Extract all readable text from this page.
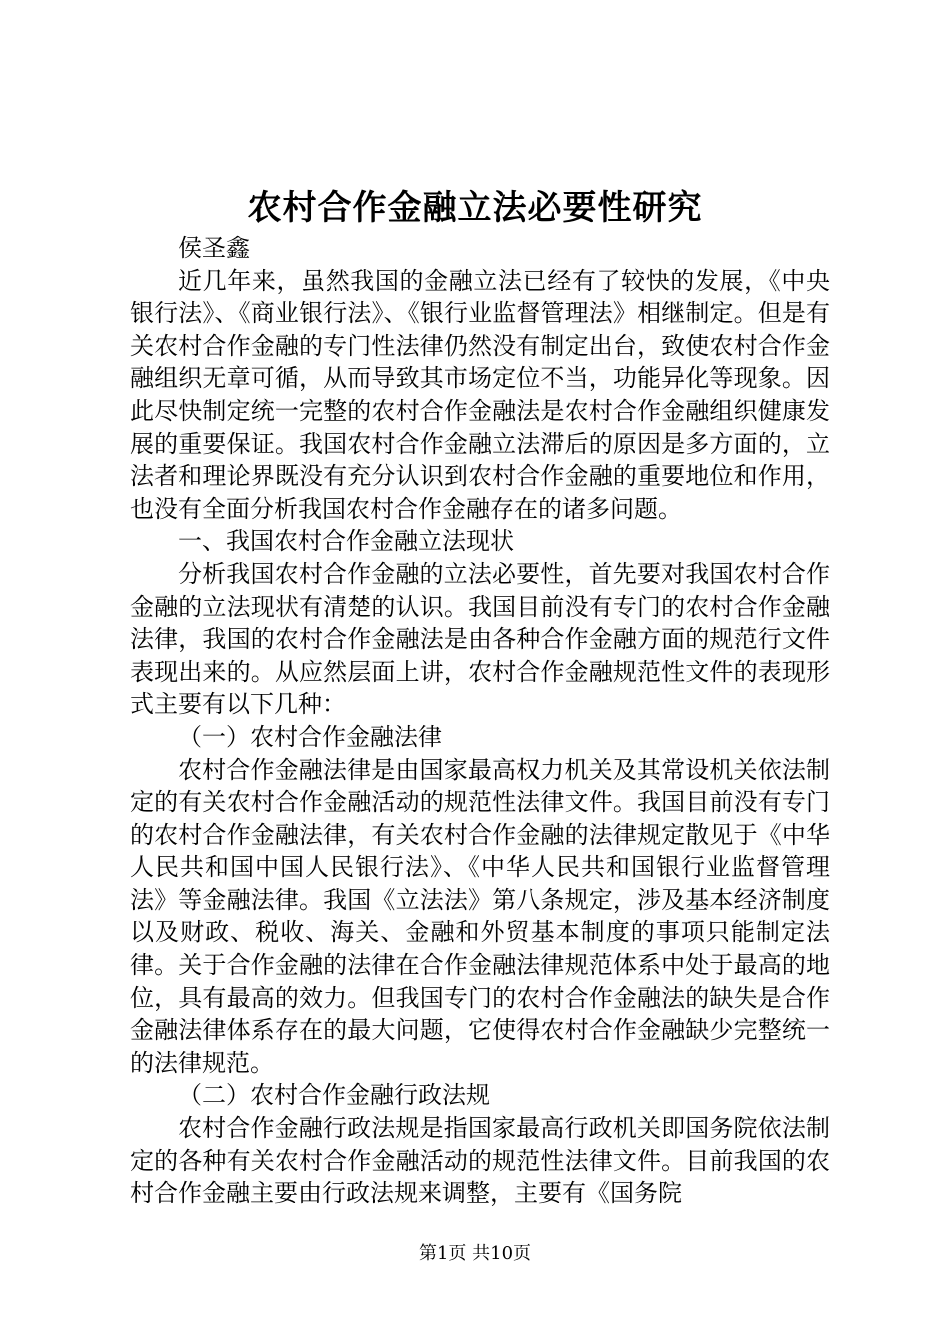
农村合作金融立法必要性研究

侯圣鑫

近几年来，虽然我国的金融立法已经有了较快的发展，《中央银行法》、《商业银行法》、《银行业监督管理法》相继制定。但是有关农村合作金融的专门性法律仍然没有制定出台，致使农村合作金融组织无章可循，从而导致其市场定位不当，功能异化等现象。因此尽快制定统一完整的农村合作金融法是农村合作金融组织健康发展的重要保证。我国农村合作金融立法滞后的原因是多方面的，立法者和理论界既没有充分认识到农村合作金融的重要地位和作用，也没有全面分析我国农村合作金融存在的诸多问题。

一、我国农村合作金融立法现状

分析我国农村合作金融的立法必要性，首先要对我国农村合作金融的立法现状有清楚的认识。我国目前没有专门的农村合作金融法律，我国的农村合作金融法是由各种合作金融方面的规范行文件表现出来的。从应然层面上讲，农村合作金融规范性文件的表现形式主要有以下几种：

（一）农村合作金融法律

农村合作金融法律是由国家最高权力机关及其常设机关依法制定的有关农村合作金融活动的规范性法律文件。我国目前没有专门的农村合作金融法律，有关农村合作金融的法律规定散见于《中华人民共和国中国人民银行法》、《中华人民共和国银行业监督管理法》等金融法律。我国《立法法》第八条规定，涉及基本经济制度以及财政、税收、海关、金融和外贸基本制度的事项只能制定法律。关于合作金融的法律在合作金融法律规范体系中处于最高的地位，具有最高的效力。但我国专门的农村合作金融法的缺失是合作金融法律体系存在的最大问题，它使得农村合作金融缺少完整统一的法律规范。

（二）农村合作金融行政法规

农村合作金融行政法规是指国家最高行政机关即国务院依法制定的各种有关农村合作金融活动的规范性法律文件。目前我国的农村合作金融主要由行政法规来调整，主要有《国务院

第1页 共10页
